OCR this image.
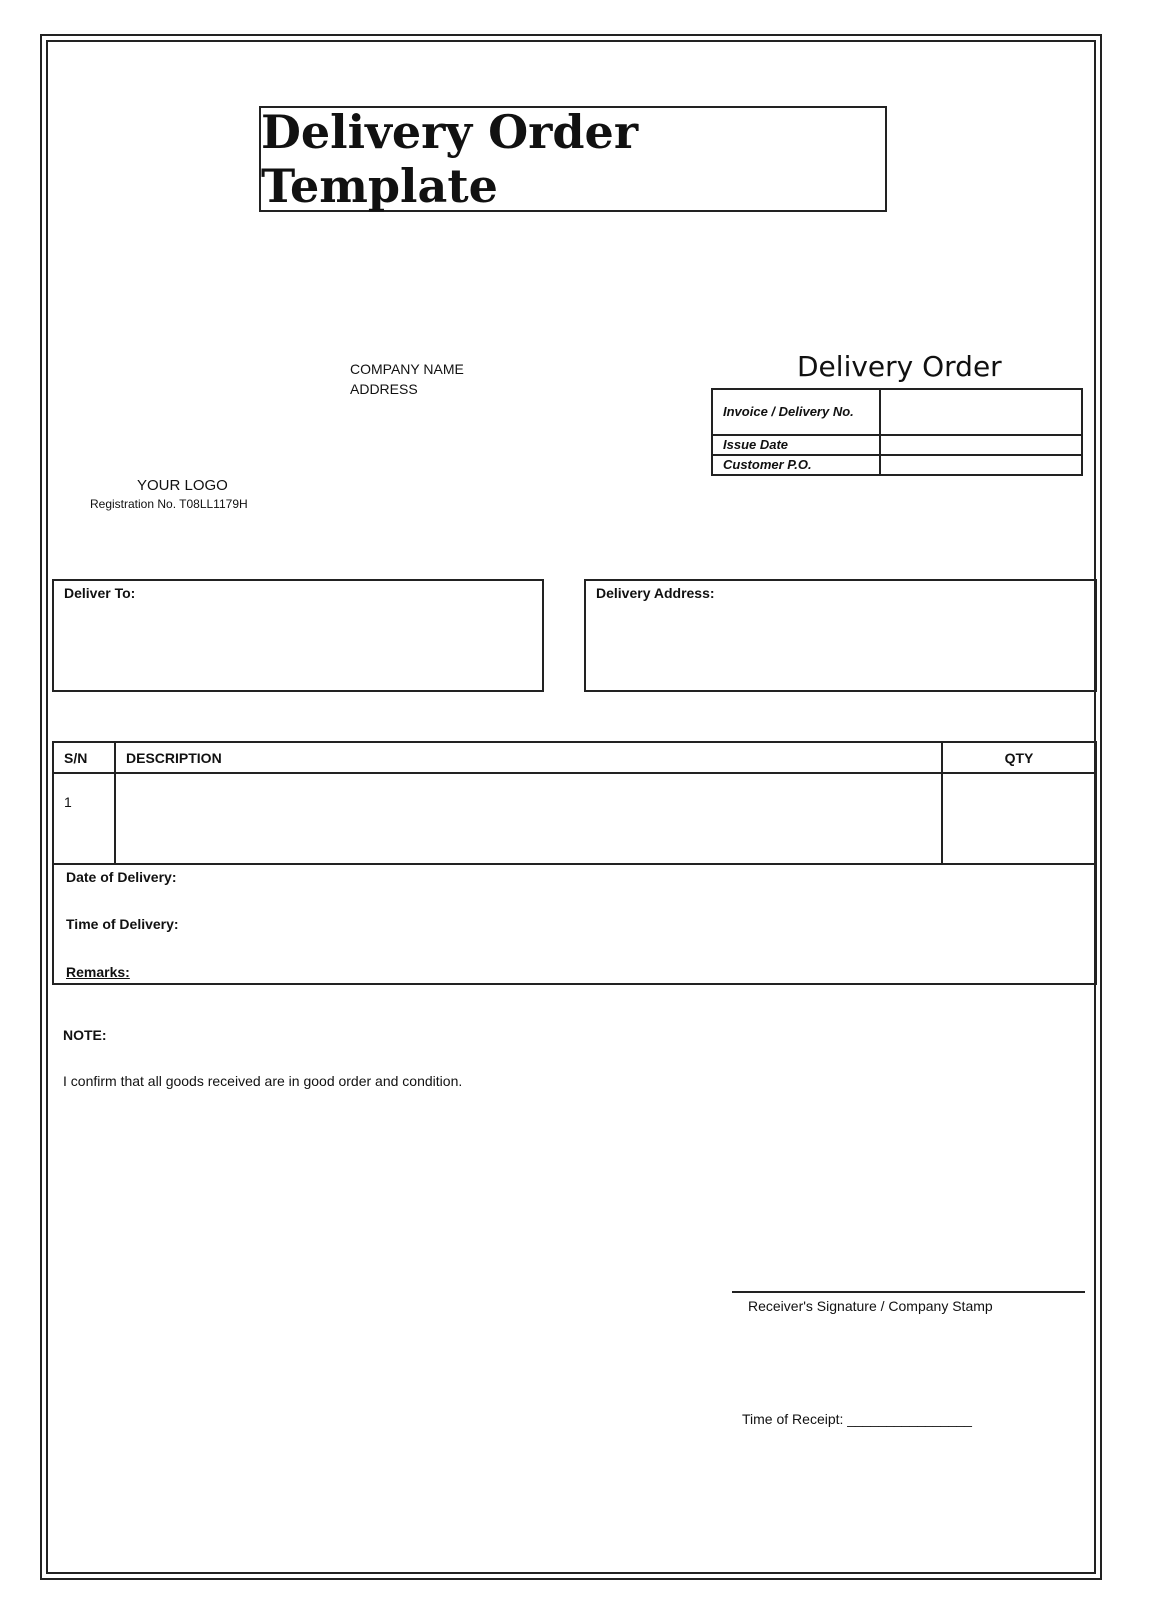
Delivery Order Template
COMPANY NAME
ADDRESS
YOUR LOGO
Registration No. T08LL1179H
Delivery Order
Invoice / Delivery No.	
Issue Date	
Customer P.O.	
Deliver To:	Delivery Address:
S/N	DESCRIPTION	QTY
1		
Date of Delivery:
Time of Delivery:
Remarks:
NOTE:
I confirm that all goods received are in good order and condition.
Receiver's Signature / Company Stamp
Time of Receipt: ________________
